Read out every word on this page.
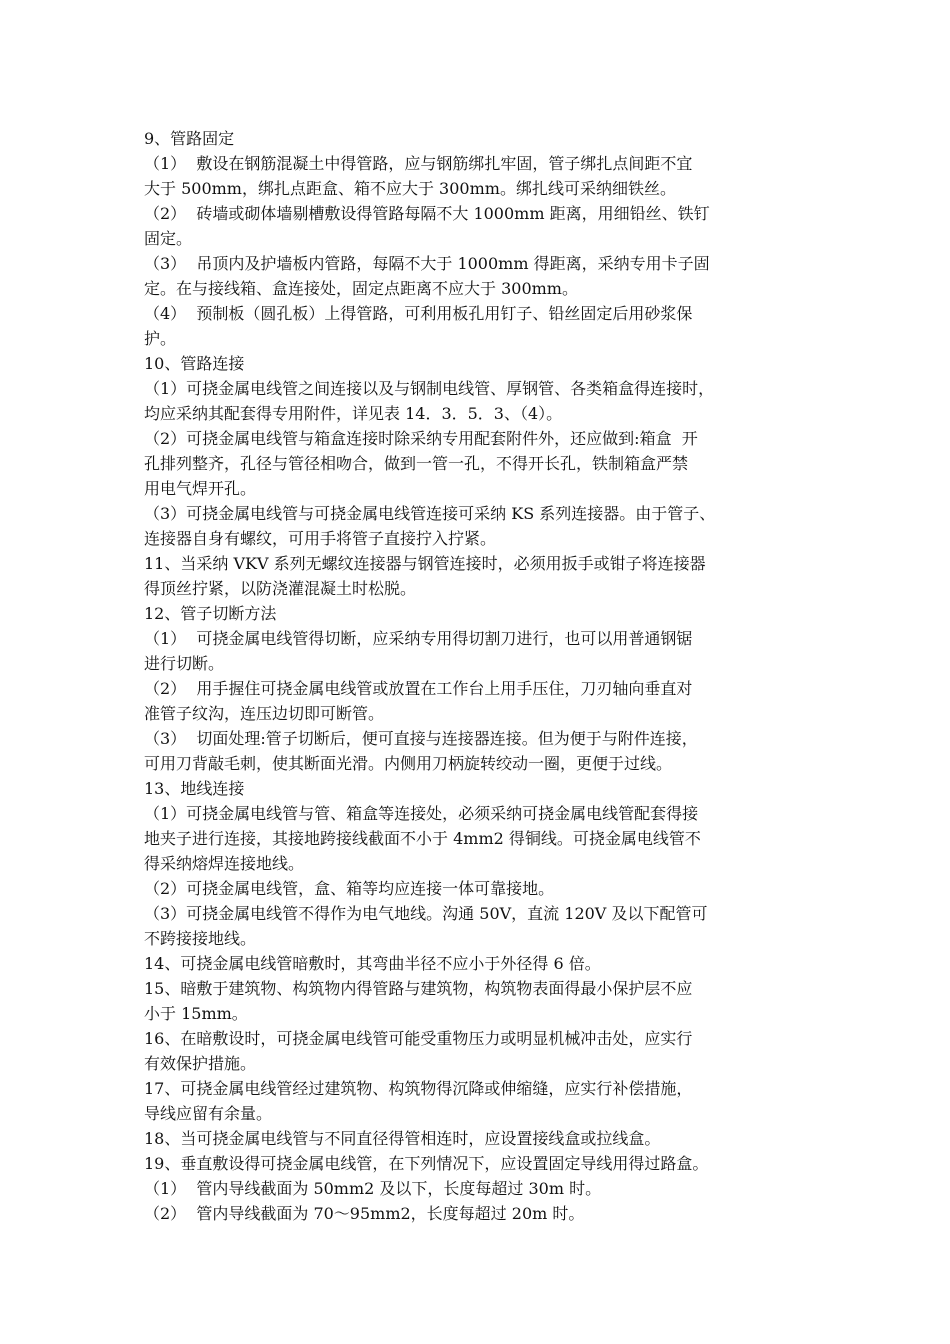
9、管路固定
（1）  敷设在钢筋混凝土中得管路，应与钢筋绑扎牢固，管子绑扎点间距不宜
大于 500mm，绑扎点距盒、箱不应大于 300mm。绑扎线可采纳细铁丝。
（2）  砖墙或砌体墙剔槽敷设得管路每隔不大 1000mm 距离，用细铅丝、铁钉
固定。
（3）  吊顶内及护墙板内管路，每隔不大于 1000mm 得距离，采纳专用卡子固
定。在与接线箱、盒连接处，固定点距离不应大于 300mm。
（4）  预制板（圆孔板）上得管路，可利用板孔用钉子、铅丝固定后用砂浆保
护。
10、管路连接
（1）可挠金属电线管之间连接以及与钢制电线管、厚钢管、各类箱盒得连接时，
均应采纳其配套得专用附件，详见表 14．3．5．3、（4）。
（2）可挠金属电线管与箱盒连接时除采纳专用配套附件外，还应做到:箱盒  开
孔排列整齐，孔径与管径相吻合，做到一管一孔，不得开长孔，铁制箱盒严禁
用电气焊开孔。
（3）可挠金属电线管与可挠金属电线管连接可采纳 KS 系列连接器。由于管子、
连接器自身有螺纹，可用手将管子直接拧入拧紧。
11、当采纳 VKV 系列无螺纹连接器与钢管连接时，必须用扳手或钳子将连接器
得顶丝拧紧，以防浇灌混凝土时松脱。
12、管子切断方法
（1）  可挠金属电线管得切断，应采纳专用得切割刀进行，也可以用普通钢锯
进行切断。
（2）  用手握住可挠金属电线管或放置在工作台上用手压住，刀刃轴向垂直对
准管子纹沟，连压边切即可断管。
（3）  切面处理:管子切断后，便可直接与连接器连接。但为便于与附件连接，
可用刀背敲毛刺，使其断面光滑。内侧用刀柄旋转绞动一圈，更便于过线。
13、地线连接
（1）可挠金属电线管与管、箱盒等连接处，必须采纳可挠金属电线管配套得接
地夹子进行连接，其接地跨接线截面不小于 4mm2 得铜线。可挠金属电线管不
得采纳熔焊连接地线。
（2）可挠金属电线管，盒、箱等均应连接一体可靠接地。
（3）可挠金属电线管不得作为电气地线。沟通 50V，直流 120V 及以下配管可
不跨接接地线。
14、可挠金属电线管暗敷时，其弯曲半径不应小于外径得 6 倍。
15、暗敷于建筑物、构筑物内得管路与建筑物，构筑物表面得最小保护层不应
小于 15mm。
16、在暗敷设时，可挠金属电线管可能受重物压力或明显机械冲击处，应实行
有效保护措施。
17、可挠金属电线管经过建筑物、构筑物得沉降或伸缩缝，应实行补偿措施，
导线应留有余量。
18、当可挠金属电线管与不同直径得管相连时，应设置接线盒或拉线盒。
19、垂直敷设得可挠金属电线管，在下列情况下，应设置固定导线用得过路盒。
（1）  管内导线截面为 50mm2 及以下，长度每超过 30m 时。
（2）  管内导线截面为 70～95mm2，长度每超过 20m 时。
